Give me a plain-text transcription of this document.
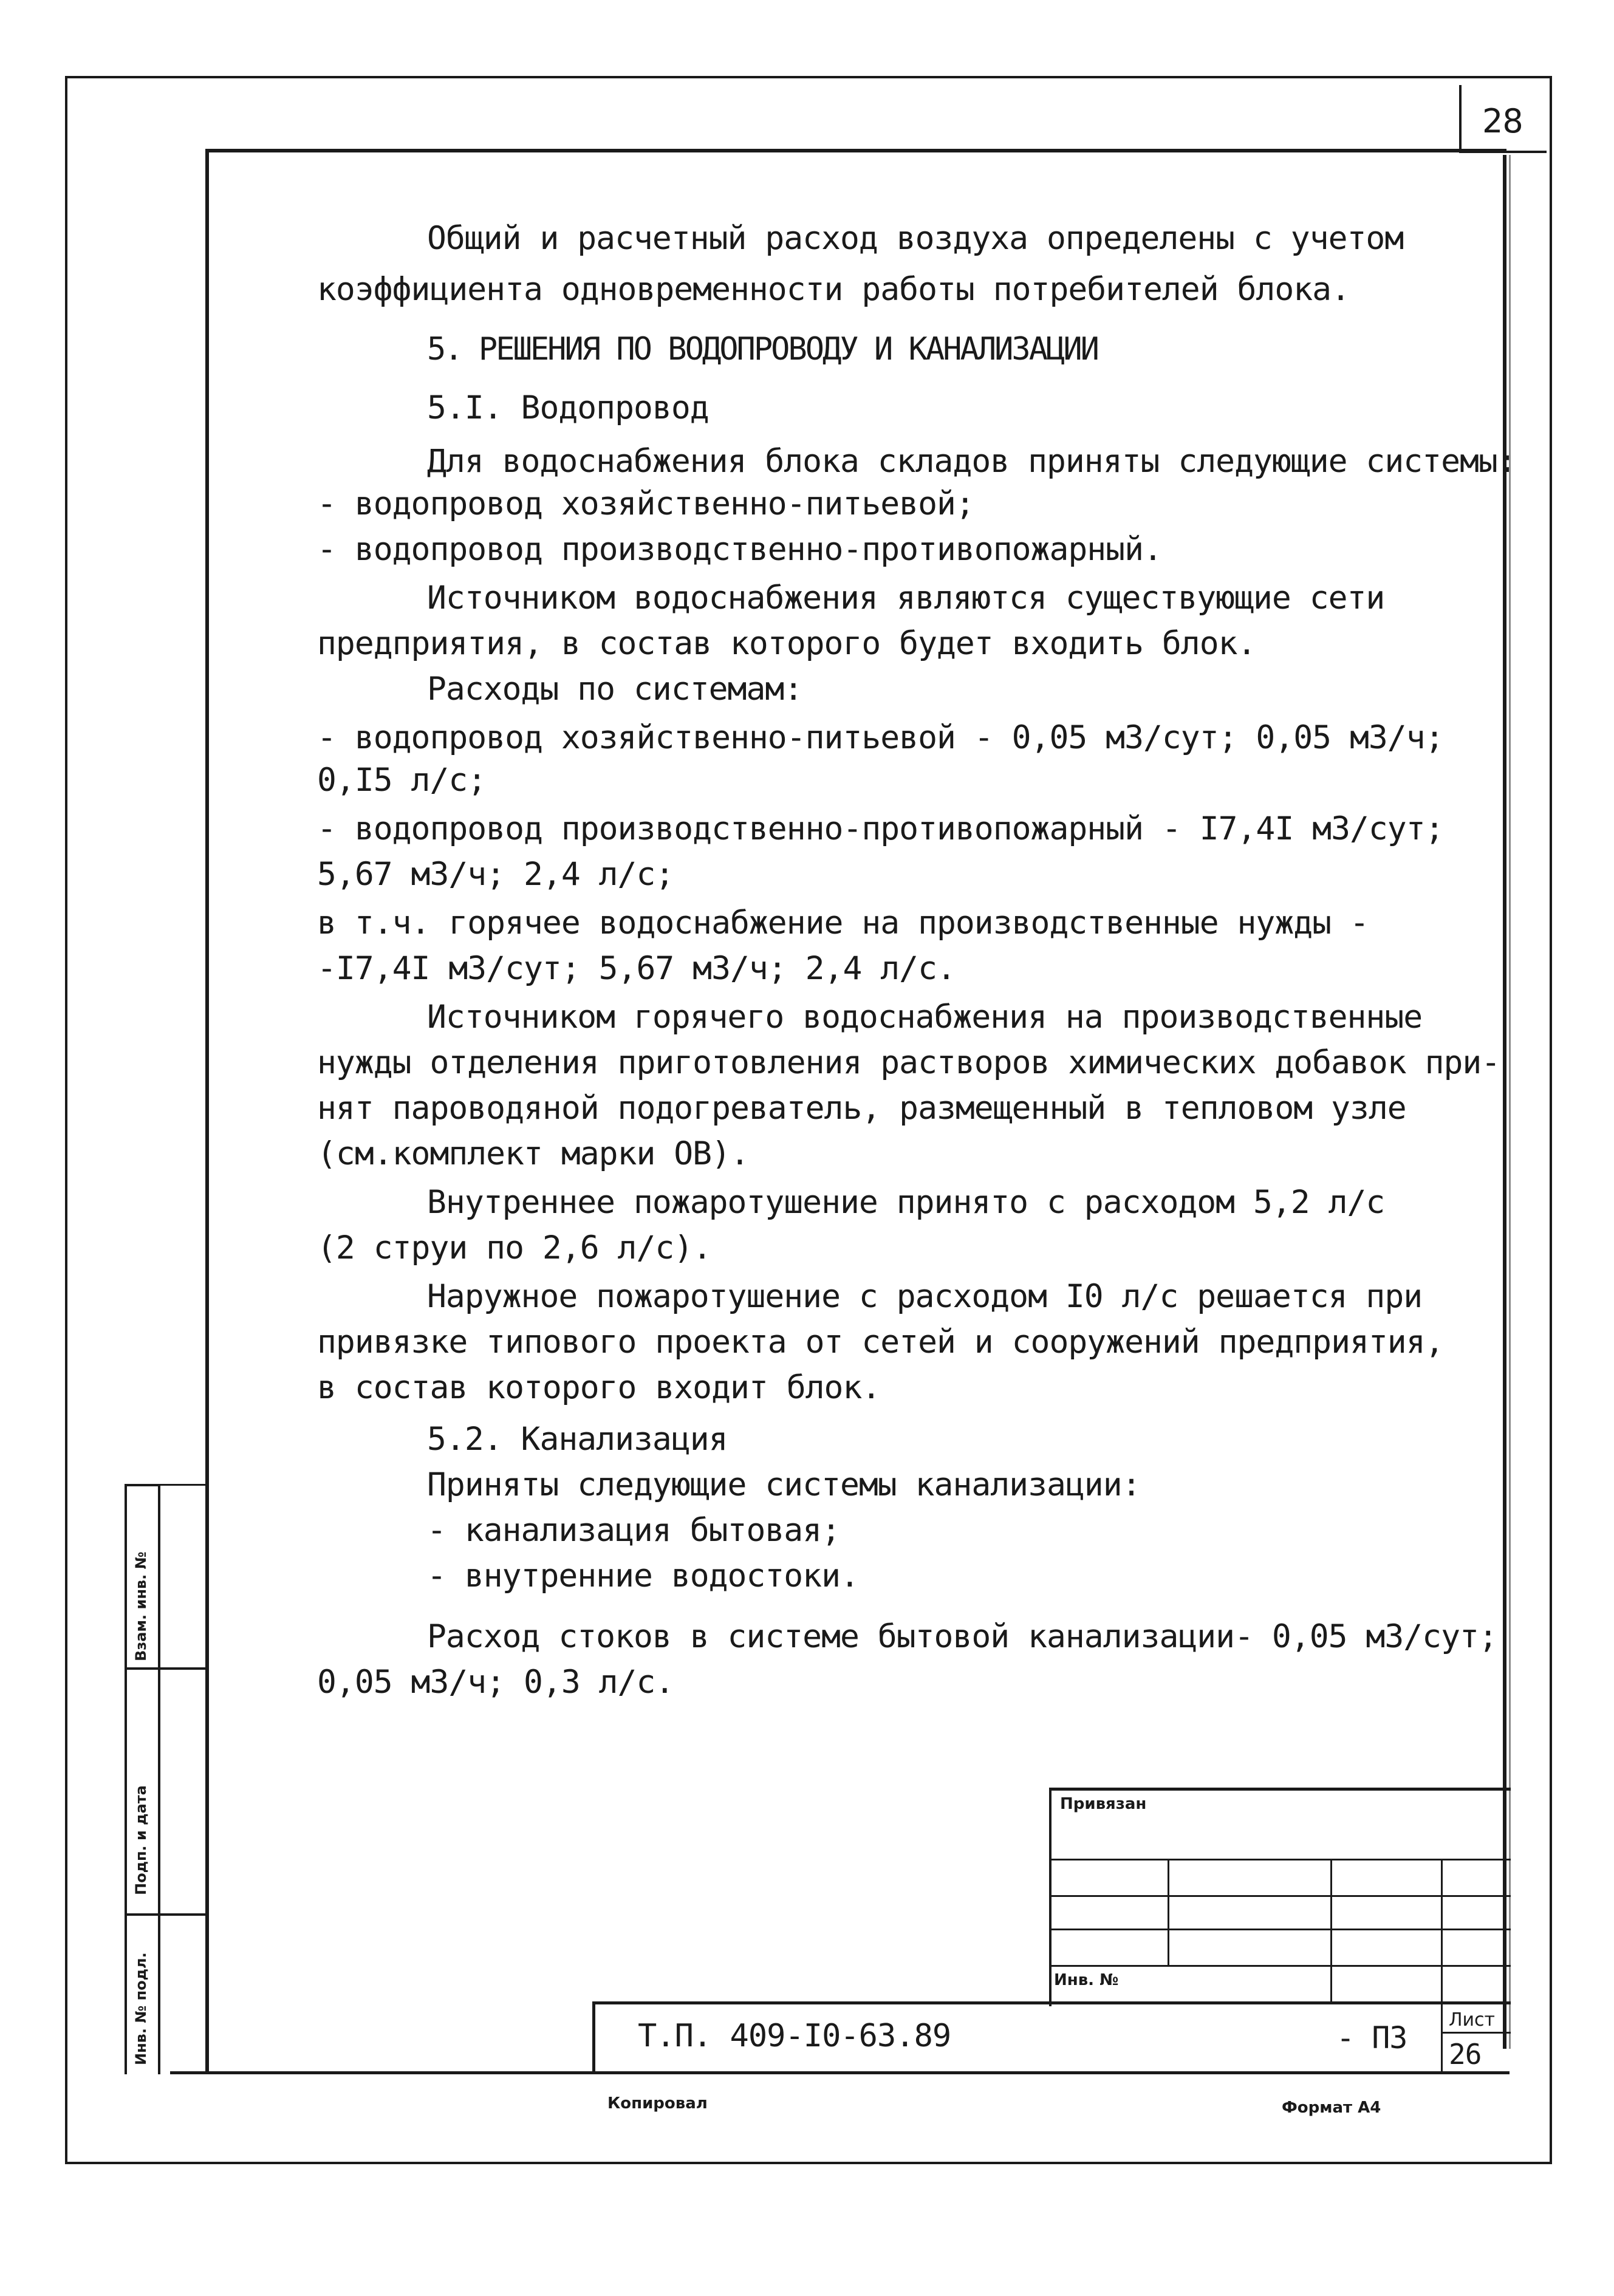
28
Общий и расчетный расход воздуха определены с учетом
коэффициента одновременности работы потребителей блока.
5. РЕШЕНИЯ ПО ВОДОПРОВОДУ И КАНАЛИЗАЦИИ
5.I. Водопровод
Для водоснабжения блока складов приняты следующие системы:
- водопровод хозяйственно-питьевой;
- водопровод производственно-противопожарный.
Источником водоснабжения являются существующие сети
предприятия, в состав которого будет входить блок.
Расходы по системам:
- водопровод хозяйственно-питьевой - 0,05 м3/сут; 0,05 м3/ч;
0,I5 л/с;
- водопровод производственно-противопожарный - I7,4I м3/сут;
5,67 м3/ч; 2,4 л/с;
в т.ч. горячее водоснабжение на производственные нужды -
-I7,4I м3/сут; 5,67 м3/ч; 2,4 л/с.
Источником горячего водоснабжения на производственные
нужды отделения приготовления растворов химических добавок при-
нят пароводяной подогреватель, размещенный в тепловом узле
(см.комплект марки ОВ).
Внутреннее пожаротушение принято с расходом 5,2 л/с
(2 струи по 2,6 л/с).
Наружное пожаротушение с расходом I0 л/с решается при
привязке типового проекта от сетей и сооружений предприятия,
в состав которого входит блок.
5.2. Канализация
Приняты следующие системы канализации:
- канализация бытовая;
- внутренние водостоки.
Расход стоков в системе бытовой канализации- 0,05 м3/сут;
0,05 м3/ч; 0,3 л/с.
Взам. инв. №
Подп. и дата
Инв. № подл.
Привязан
Инв. №
Т.П. 409-I0-63.89	- ПЗ
Лист
26
Копировал	Формат А4
